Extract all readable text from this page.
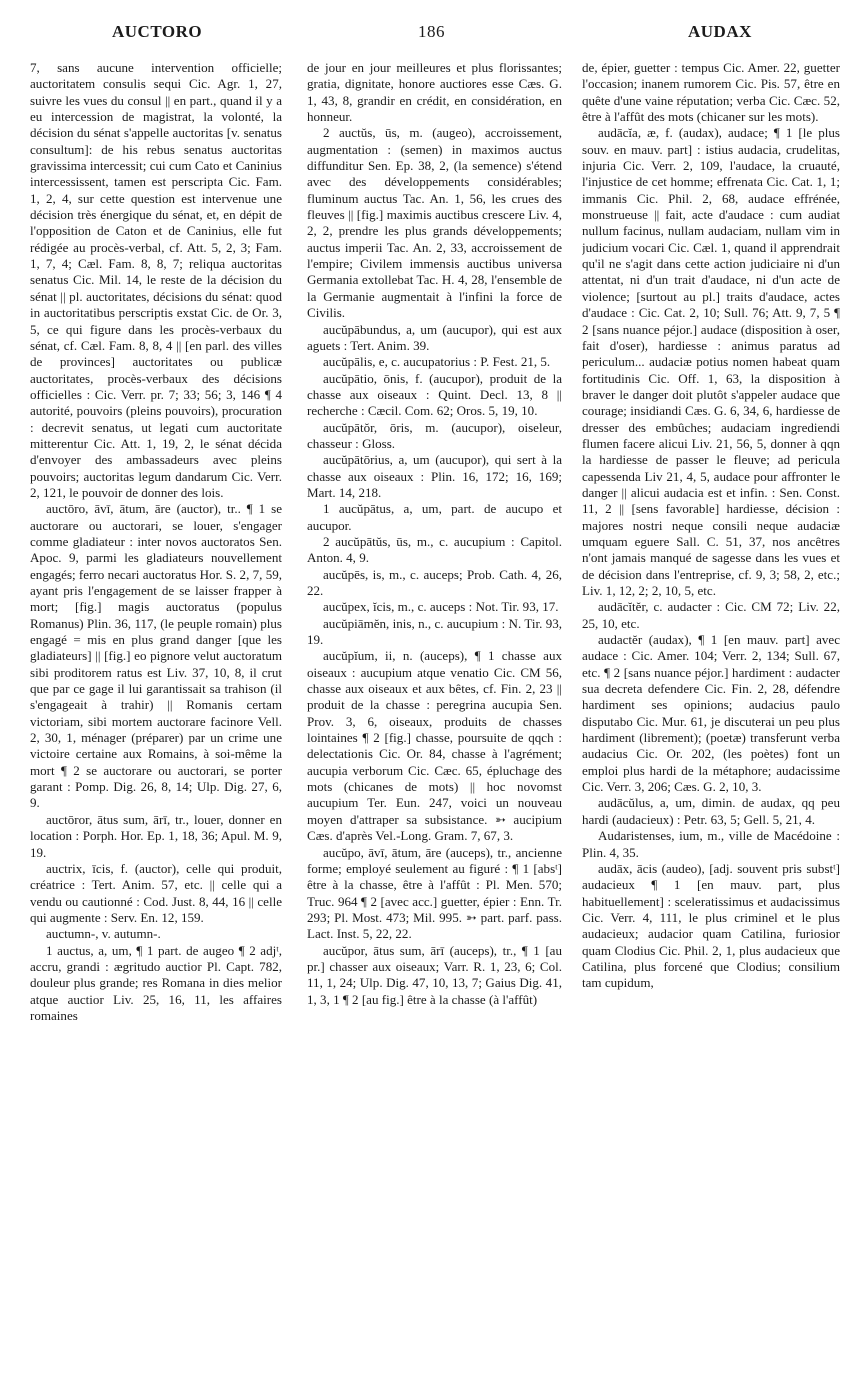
AUCTORO	186	AUDAX

7, sans aucune intervention officielle; auctoritatem consulis sequi Cic. Agr. 1, 27, suivre les vues du consul || en part., quand il y a eu intercession de magistrat, la volonté, la décision du sénat s'appelle auctoritas [v. senatus consultum]: de his rebus senatus auctoritas gravissima intercessit; cui cum Cato et Caninius intercessissent, tamen est perscripta Cic. Fam. 1, 2, 4, sur cette question est intervenue une décision très énergique du sénat, et, en dépit de l'opposition de Caton et de Caninius, elle fut rédigée au procès-verbal, cf. Att. 5, 2, 3; Fam. 1, 7, 4; Cæl. Fam. 8, 8, 7; reliqua auctoritas senatus Cic. Mil. 14, le reste de la décision du sénat || pl. auctoritates, décisions du sénat: quod in auctoritatibus perscriptis exstat Cic. de Or. 3, 5, ce qui figure dans les procès-verbaux du sénat, cf. Cæl. Fam. 8, 8, 4 || [en parl. des villes de provinces] auctoritates ou publicæ auctoritates, procès-verbaux des décisions officielles : Cic. Verr. pr. 7; 33; 56; 3, 146 ¶ 4 autorité, pouvoirs (pleins pouvoirs), procuration : decrevit senatus, ut legati cum auctoritate mitterentur Cic. Att. 1, 19, 2, le sénat décida d'envoyer des ambassadeurs avec pleins pouvoirs; auctoritas legum dandarum Cic. Verr. 2, 121, le pouvoir de donner des lois.

auctōro, āvī, ātum, āre (auctor), tr.. ¶ 1 se auctorare ou auctorari, se louer, s'engager comme gladiateur : inter novos auctoratos Sen. Apoc. 9, parmi les gladiateurs nouvellement engagés; ferro necari auctoratus Hor. S. 2, 7, 59, ayant pris l'engagement de se laisser frapper à mort; [fig.] magis auctoratus (populus Romanus) Plin. 36, 117, (le peuple romain) plus engagé = mis en plus grand danger [que les gladiateurs] || [fig.] eo pignore velut auctoratum sibi proditorem ratus est Liv. 37, 10, 8, il crut que par ce gage il lui garantissait sa trahison (il s'engageait à trahir) || Romanis certam victoriam, sibi mortem auctorare facinore Vell. 2, 30, 1, ménager (préparer) par un crime une victoire certaine aux Romains, à soi-même la mort ¶ 2 se auctorare ou auctorari, se porter garant : Pomp. Dig. 26, 8, 14; Ulp. Dig. 27, 6, 9.

auctōror, ātus sum, ārī, tr., louer, donner en location : Porph. Hor. Ep. 1, 18, 36; Apul. M. 9, 19.

auctrix, īcis, f. (auctor), celle qui produit, créatrice : Tert. Anim. 57, etc. || celle qui a vendu ou cautionné : Cod. Just. 8, 44, 16 || celle qui augmente : Serv. En. 12, 159.

auctumn-, v. autumn-.

1 auctus, a, um, ¶ 1 part. de augeo ¶ 2 adjᵗ, accru, grandi : ægritudo auctior Pl. Capt. 782, douleur plus grande; res Romana in dies melior atque auctior Liv. 25, 16, 11, les affaires romaines

de jour en jour meilleures et plus florissantes; gratia, dignitate, honore auctiores esse Cæs. G. 1, 43, 8, grandir en crédit, en considération, en honneur.

2 auctŭs, ūs, m. (augeo), accroissement, augmentation : (semen) in maximos auctus diffunditur Sen. Ep. 38, 2, (la semence) s'étend avec des développements considérables; fluminum auctus Tac. An. 1, 56, les crues des fleuves || [fig.] maximis auctibus crescere Liv. 4, 2, 2, prendre les plus grands développements; auctus imperii Tac. An. 2, 33, accroissement de l'empire; Civilem immensis auctibus universa Germania extollebat Tac. H. 4, 28, l'ensemble de la Germanie augmentait à l'infini la force de Civilis.

aucŭpābundus, a, um (aucupor), qui est aux aguets : Tert. Anim. 39.

aucŭpālis, e, c. aucupatorius : P. Fest. 21, 5.

aucŭpātio, ōnis, f. (aucupor), produit de la chasse aux oiseaux : Quint. Decl. 13, 8 || recherche : Cæcil. Com. 62; Oros. 5, 19, 10.

aucŭpātŏr, ōris, m. (aucupor), oiseleur, chasseur : Gloss.

aucŭpātōrius, a, um (aucupor), qui sert à la chasse aux oiseaux : Plin. 16, 172; 16, 169; Mart. 14, 218.

1 aucŭpātus, a, um, part. de aucupo et aucupor.

2 aucŭpātŭs, ūs, m., c. aucupium : Capitol. Anton. 4, 9.

aucŭpēs, is, m., c. auceps; Prob. Cath. 4, 26, 22.

aucŭpex, ĭcis, m., c. auceps : Not. Tir. 93, 17.

aucŭpiāmĕn, inis, n., c. aucupium : N. Tir. 93, 19.

aucŭpĭum, ii, n. (auceps), ¶ 1 chasse aux oiseaux : aucupium atque venatio Cic. CM 56, chasse aux oiseaux et aux bêtes, cf. Fin. 2, 23 || produit de la chasse : peregrina aucupia Sen. Prov. 3, 6, oiseaux, produits de chasses lointaines ¶ 2 [fig.] chasse, poursuite de qqch : delectationis Cic. Or. 84, chasse à l'agrément; aucupia verborum Cic. Cæc. 65, épluchage des mots (chicanes de mots) || hoc novomst aucupium Ter. Eun. 247, voici un nouveau moyen d'attraper sa subsistance. ➳ aucipium Cæs. d'après Vel.-Long. Gram. 7, 67, 3.

aucŭpo, āvī, ātum, āre (auceps), tr., ancienne forme; employé seulement au figuré : ¶ 1 [absᵗ] être à la chasse, être à l'affût : Pl. Men. 570; Truc. 964 ¶ 2 [avec acc.] guetter, épier : Enn. Tr. 293; Pl. Most. 473; Mil. 995. ➳ part. parf. pass. Lact. Inst. 5, 22, 22.

aucŭpor, ātus sum, ārī (auceps), tr., ¶ 1 [au pr.] chasser aux oiseaux; Varr. R. 1, 23, 6; Col. 11, 1, 24; Ulp. Dig. 47, 10, 13, 7; Gaius Dig. 41, 1, 3, 1 ¶ 2 [au fig.] être à la chasse (à l'affût)

de, épier, guetter : tempus Cic. Amer. 22, guetter l'occasion; inanem rumorem Cic. Pis. 57, être en quête d'une vaine réputation; verba Cic. Cæc. 52, être à l'affût des mots (chicaner sur les mots).

audācĭa, æ, f. (audax), audace; ¶ 1 [le plus souv. en mauv. part] : istius audacia, crudelitas, injuria Cic. Verr. 2, 109, l'audace, la cruauté, l'injustice de cet homme; effrenata Cic. Cat. 1, 1; immanis Cic. Phil. 2, 68, audace effrénée, monstrueuse || fait, acte d'audace : cum audiat nullum facinus, nullam audaciam, nullam vim in judicium vocari Cic. Cæl. 1, quand il apprendrait qu'il ne s'agit dans cette action judiciaire ni d'un attentat, ni d'un trait d'audace, ni d'un acte de violence; [surtout au pl.] traits d'audace, actes d'audace : Cic. Cat. 2, 10; Sull. 76; Att. 9, 7, 5 ¶ 2 [sans nuance péjor.] audace (disposition à oser, fait d'oser), hardiesse : animus paratus ad periculum... audaciæ potius nomen habeat quam fortitudinis Cic. Off. 1, 63, la disposition à braver le danger doit plutôt s'appeler audace que courage; insidiandi Cæs. G. 6, 34, 6, hardiesse de dresser des embûches; audaciam ingrediendi flumen facere alicui Liv. 21, 56, 5, donner à qqn la hardiesse de passer le fleuve; ad pericula capessenda Liv 21, 4, 5, audace pour affronter le danger || alicui audacia est et infin. : Sen. Const. 11, 2 || [sens favorable] hardiesse, décision : majores nostri neque consili neque audaciæ umquam eguere Sall. C. 51, 37, nos ancêtres n'ont jamais manqué de sagesse dans les vues et de décision dans l'entreprise, cf. 9, 3; 58, 2, etc.; Liv. 1, 12, 2; 2, 10, 5, etc.

audācĭtĕr, c. audacter : Cic. CM 72; Liv. 22, 25, 10, etc.

audactĕr (audax), ¶ 1 [en mauv. part] avec audace : Cic. Amer. 104; Verr. 2, 134; Sull. 67, etc. ¶ 2 [sans nuance péjor.] hardiment : audacter sua decreta defendere Cic. Fin. 2, 28, défendre hardiment ses opinions; audacius paulo disputabo Cic. Mur. 61, je discuterai un peu plus hardiment (librement); (poetæ) transferunt verba audacius Cic. Or. 202, (les poètes) font un emploi plus hardi de la métaphore; audacissime Cic. Verr. 3, 206; Cæs. G. 2, 10, 3.

audācŭlus, a, um, dimin. de audax, qq peu hardi (audacieux) : Petr. 63, 5; Gell. 5, 21, 4.

Audaristenses, ium, m., ville de Macédoine : Plin. 4, 35.

audāx, ācis (audeo), [adj. souvent pris substᵗ] audacieux ¶ 1 [en mauv. part, plus habituellement] : sceleratissimus et audacissimus Cic. Verr. 4, 111, le plus criminel et le plus audacieux; audacior quam Catilina, furiosior quam Clodius Cic. Phil. 2, 1, plus audacieux que Catilina, plus forcené que Clodius; consilium tam cupidum,
